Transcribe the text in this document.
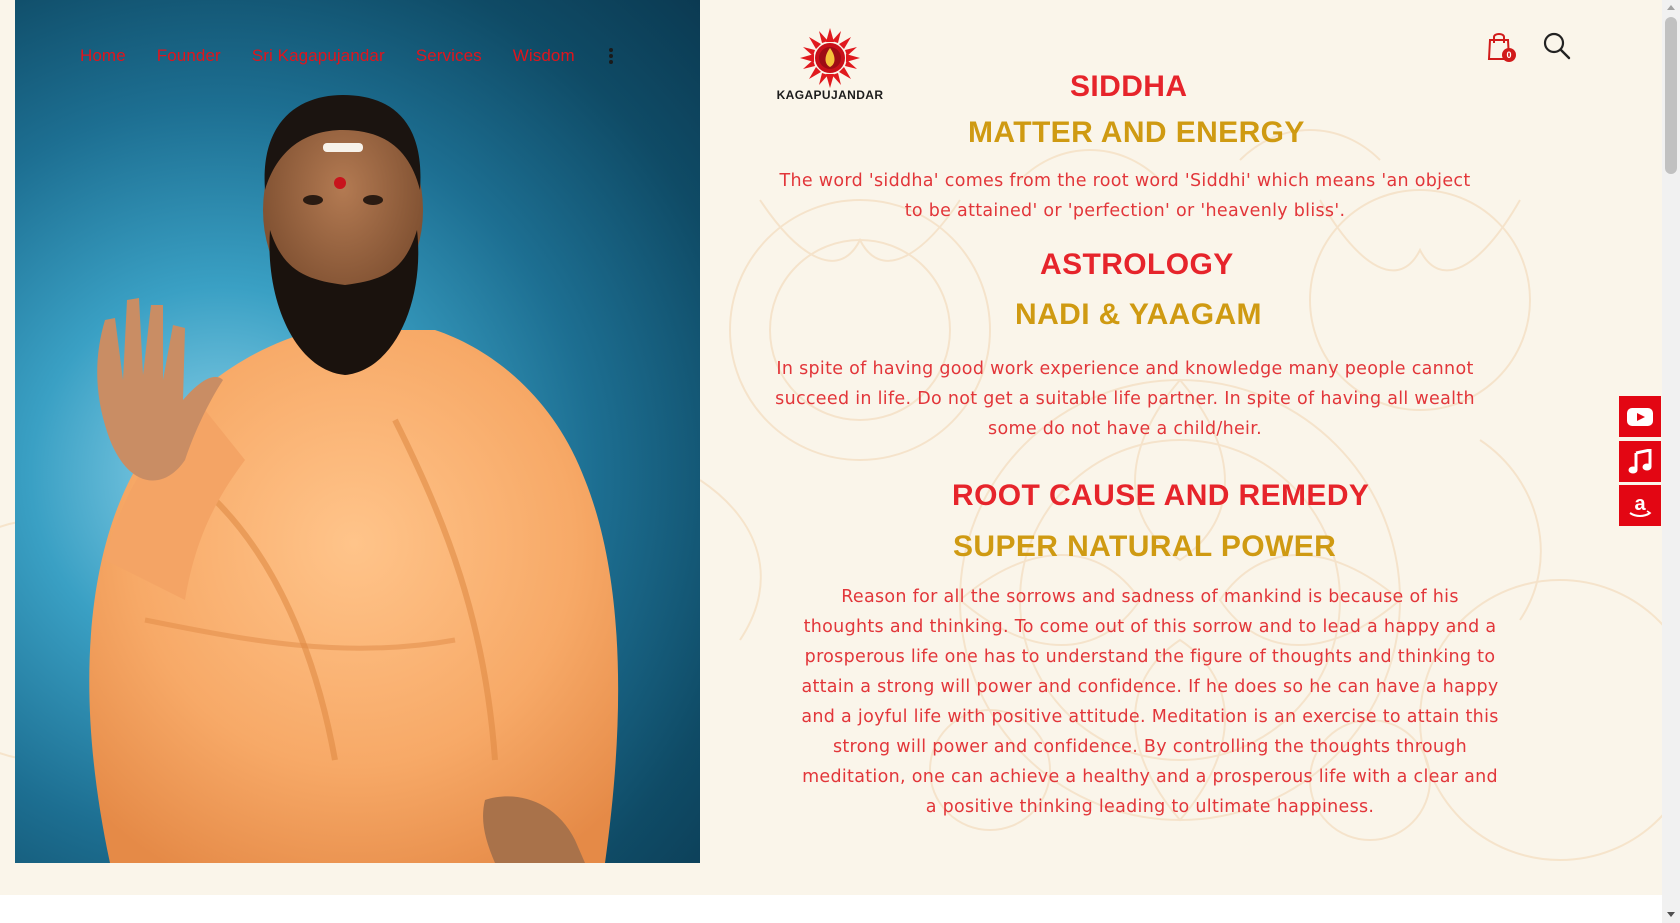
Home Founder Sri Kagapujandar Services Wisdom
KAGAPUJANDAR
0
SIDDHA
MATTER AND ENERGY
The word 'siddha' comes from the root word 'Siddhi' which means 'an object
to be attained' or 'perfection' or 'heavenly bliss'.
ASTROLOGY
NADI & YAAGAM
In spite of having good work experience and knowledge many people cannot
succeed in life. Do not get a suitable life partner. In spite of having all wealth
some do not have a child/heir.
ROOT CAUSE AND REMEDY
SUPER NATURAL POWER
Reason for all the sorrows and sadness of mankind is because of his
thoughts and thinking. To come out of this sorrow and to lead a happy and a
prosperous life one has to understand the figure of thoughts and thinking to
attain a strong will power and confidence. If he does so he can have a happy
and a joyful life with positive attitude. Meditation is an exercise to attain this
strong will power and confidence. By controlling the thoughts through
meditation, one can achieve a healthy and a prosperous life with a clear and
a positive thinking leading to ultimate happiness.
a
